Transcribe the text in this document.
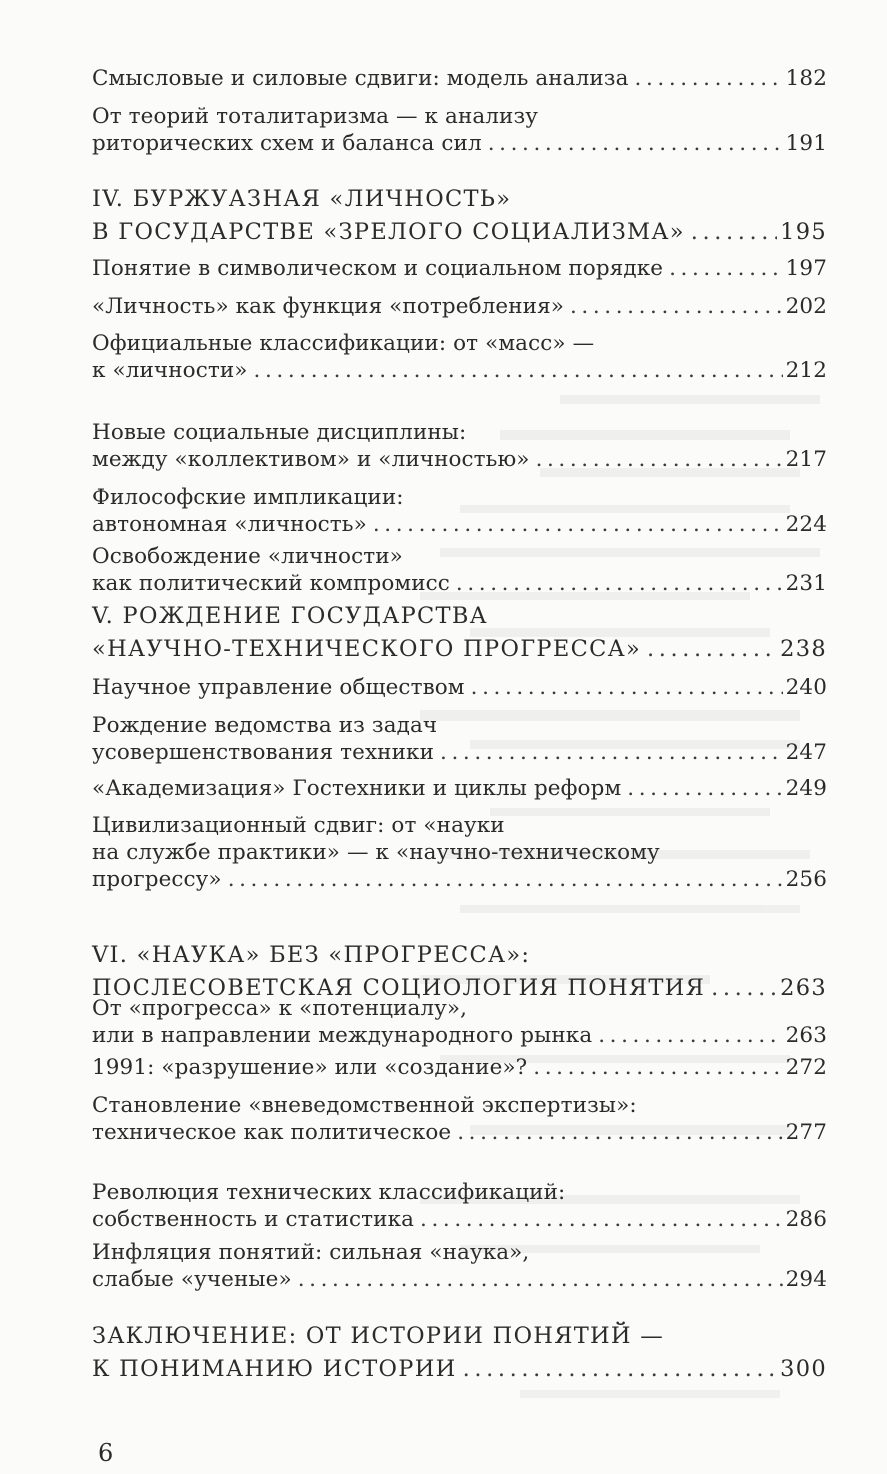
Смысловые и силовые сдвиги: модель анализа .....	182
От теорий тоталитаризма — к анализу
риторических схем и баланса сил .....	191
IV. БУРЖУАЗНАЯ «ЛИЧНОСТЬ»
В ГОСУДАРСТВЕ «ЗРЕЛОГО СОЦИАЛИЗМА» .....	195
Понятие в символическом и социальном порядке .....	197
«Личность» как функция «потребления» .....	202
Официальные классификации: от «масс» —
к «личности» .....	212
Новые социальные дисциплины:
между «коллективом» и «личностью» .....	217
Философские импликации:
автономная «личность» .....	224
Освобождение «личности»
как политический компромисс .....	231
V. РОЖДЕНИЕ ГОСУДАРСТВА
«НАУЧНО-ТЕХНИЧЕСКОГО ПРОГРЕССА» .....	238
Научное управление обществом .....	240
Рождение ведомства из задач
усовершенствования техники .....	247
«Академизация» Гостехники и циклы реформ .....	249
Цивилизационный сдвиг: от «науки
на службе практики» — к «научно-техническому
прогрессу» .....	256
VI. «НАУКА» БЕЗ «ПРОГРЕССА»:
ПОСЛЕСОВЕТСКАЯ СОЦИОЛОГИЯ ПОНЯТИЯ .....	263
От «прогресса» к «потенциалу»,
или в направлении международного рынка .....	263
1991: «разрушение» или «создание»? .....	272
Становление «вневедомственной экспертизы»:
техническое как политическое .....	277
Революция технических классификаций:
собственность и статистика .....	286
Инфляция понятий: сильная «наука»,
слабые «ученые» .....	294
ЗАКЛЮЧЕНИЕ: ОТ ИСТОРИИ ПОНЯТИЙ —
К ПОНИМАНИЮ ИСТОРИИ .....	300
6
